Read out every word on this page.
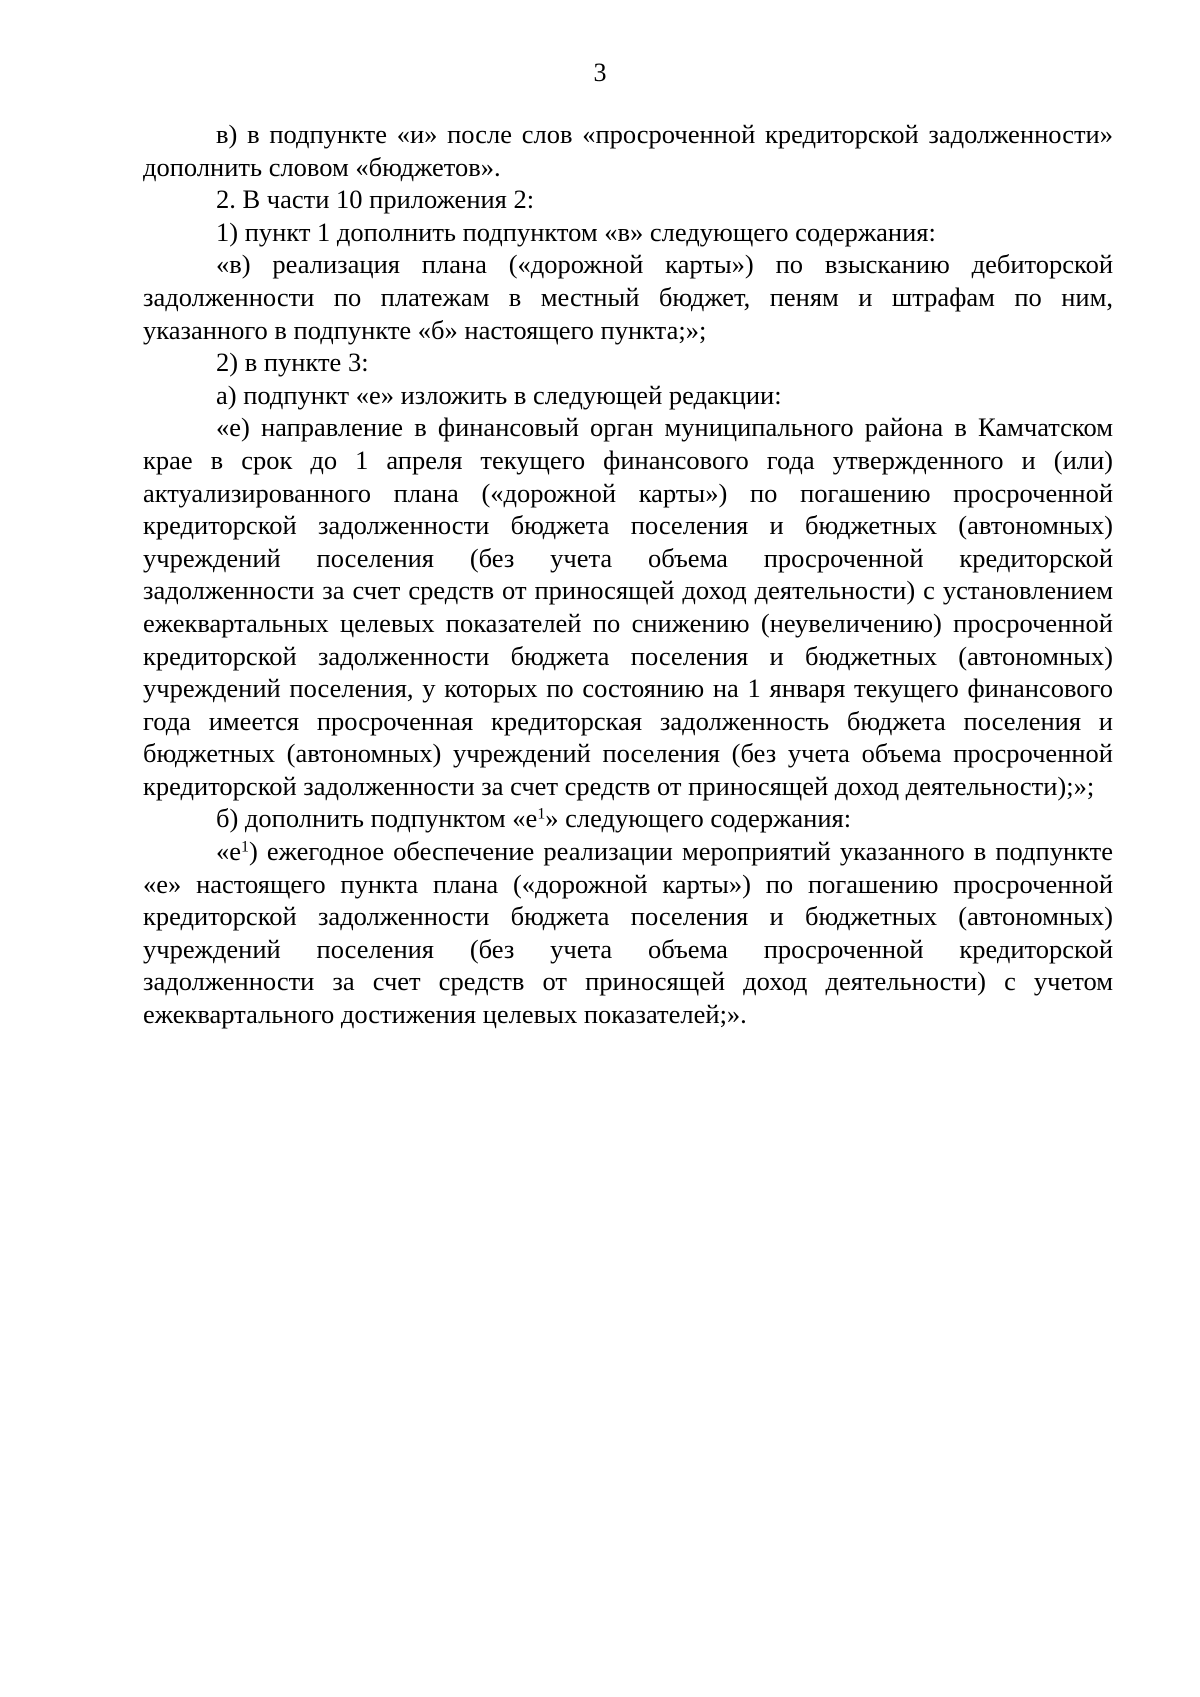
3

в) в подпункте «и» после слов «просроченной кредиторской задолженности» дополнить словом «бюджетов».

2. В части 10 приложения 2:

1) пункт 1 дополнить подпунктом «в» следующего содержания:

«в) реализация плана («дорожной карты») по взысканию дебиторской задолженности по платежам в местный бюджет, пеням и штрафам по ним, указанного в подпункте «б» настоящего пункта;»;

2) в пункте 3:

а) подпункт «е» изложить в следующей редакции:

«е) направление в финансовый орган муниципального района в Камчатском крае в срок до 1 апреля текущего финансового года утвержденного и (или) актуализированного плана («дорожной карты») по погашению просроченной кредиторской задолженности бюджета поселения и бюджетных (автономных) учреждений поселения (без учета объема просроченной кредиторской задолженности за счет средств от приносящей доход деятельности) с установлением ежеквартальных целевых показателей по снижению (неувеличению) просроченной кредиторской задолженности бюджета поселения и бюджетных (автономных) учреждений поселения, у которых по состоянию на 1 января текущего финансового года имеется просроченная кредиторская задолженность бюджета поселения и бюджетных (автономных) учреждений поселения (без учета объема просроченной кредиторской задолженности за счет средств от приносящей доход деятельности);»;

б) дополнить подпунктом «$е^1$» следующего содержания:

«$е^1$) ежегодное обеспечение реализации мероприятий указанного в подпункте «е» настоящего пункта плана («дорожной карты») по погашению просроченной кредиторской задолженности бюджета поселения и бюджетных (автономных) учреждений поселения (без учета объема просроченной кредиторской задолженности за счет средств от приносящей доход деятельности) с учетом ежеквартального достижения целевых показателей;».
